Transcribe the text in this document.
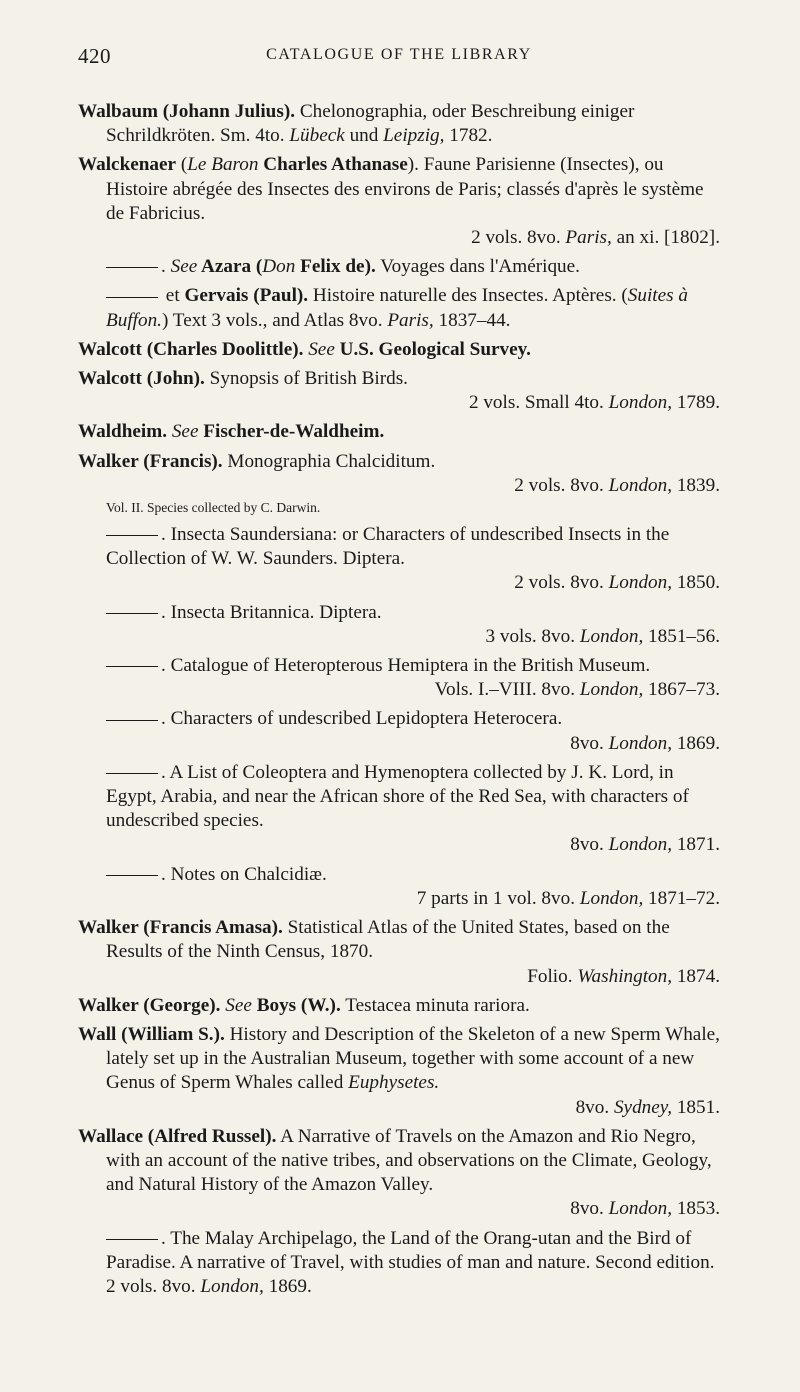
420	CATALOGUE OF THE LIBRARY

Walbaum (Johann Julius). Chelonographia, oder Beschreibung einiger Schrildkröten. Sm. 4to. Lübeck und Leipzig, 1782.

Walckenaer (Le Baron Charles Athanase). Faune Parisienne (Insectes), ou Histoire abrégée des Insectes des environs de Paris; classés d'après le système de Fabricius.
2 vols. 8vo. Paris, an xi. [1802].

. See Azara (Don Felix de). Voyages dans l'Amérique.

et Gervais (Paul). Histoire naturelle des Insectes. Aptères. (Suites à Buffon.) Text 3 vols., and Atlas 8vo. Paris, 1837–44.

Walcott (Charles Doolittle). See U.S. Geological Survey.

Walcott (John). Synopsis of British Birds.
2 vols. Small 4to. London, 1789.

Waldheim. See Fischer-de-Waldheim.

Walker (Francis). Monographia Chalciditum.
2 vols. 8vo. London, 1839.
Vol. II. Species collected by C. Darwin.

. Insecta Saundersiana: or Characters of undescribed Insects in the Collection of W. W. Saunders. Diptera.
2 vols. 8vo. London, 1850.

. Insecta Britannica. Diptera.
3 vols. 8vo. London, 1851–56.

. Catalogue of Heteropterous Hemiptera in the British Museum.
Vols. I.–VIII. 8vo. London, 1867–73.

. Characters of undescribed Lepidoptera Heterocera.
8vo. London, 1869.

. A List of Coleoptera and Hymenoptera collected by J. K. Lord, in Egypt, Arabia, and near the African shore of the Red Sea, with characters of undescribed species.
8vo. London, 1871.

. Notes on Chalcidiæ.
7 parts in 1 vol. 8vo. London, 1871–72.

Walker (Francis Amasa). Statistical Atlas of the United States, based on the Results of the Ninth Census, 1870.
Folio. Washington, 1874.

Walker (George). See Boys (W.). Testacea minuta rariora.

Wall (William S.). History and Description of the Skeleton of a new Sperm Whale, lately set up in the Australian Museum, together with some account of a new Genus of Sperm Whales called Euphysetes.
8vo. Sydney, 1851.

Wallace (Alfred Russel). A Narrative of Travels on the Amazon and Rio Negro, with an account of the native tribes, and observations on the Climate, Geology, and Natural History of the Amazon Valley.
8vo. London, 1853.

. The Malay Archipelago, the Land of the Orang-utan and the Bird of Paradise. A narrative of Travel, with studies of man and nature. Second edition. 2 vols. 8vo. London, 1869.
